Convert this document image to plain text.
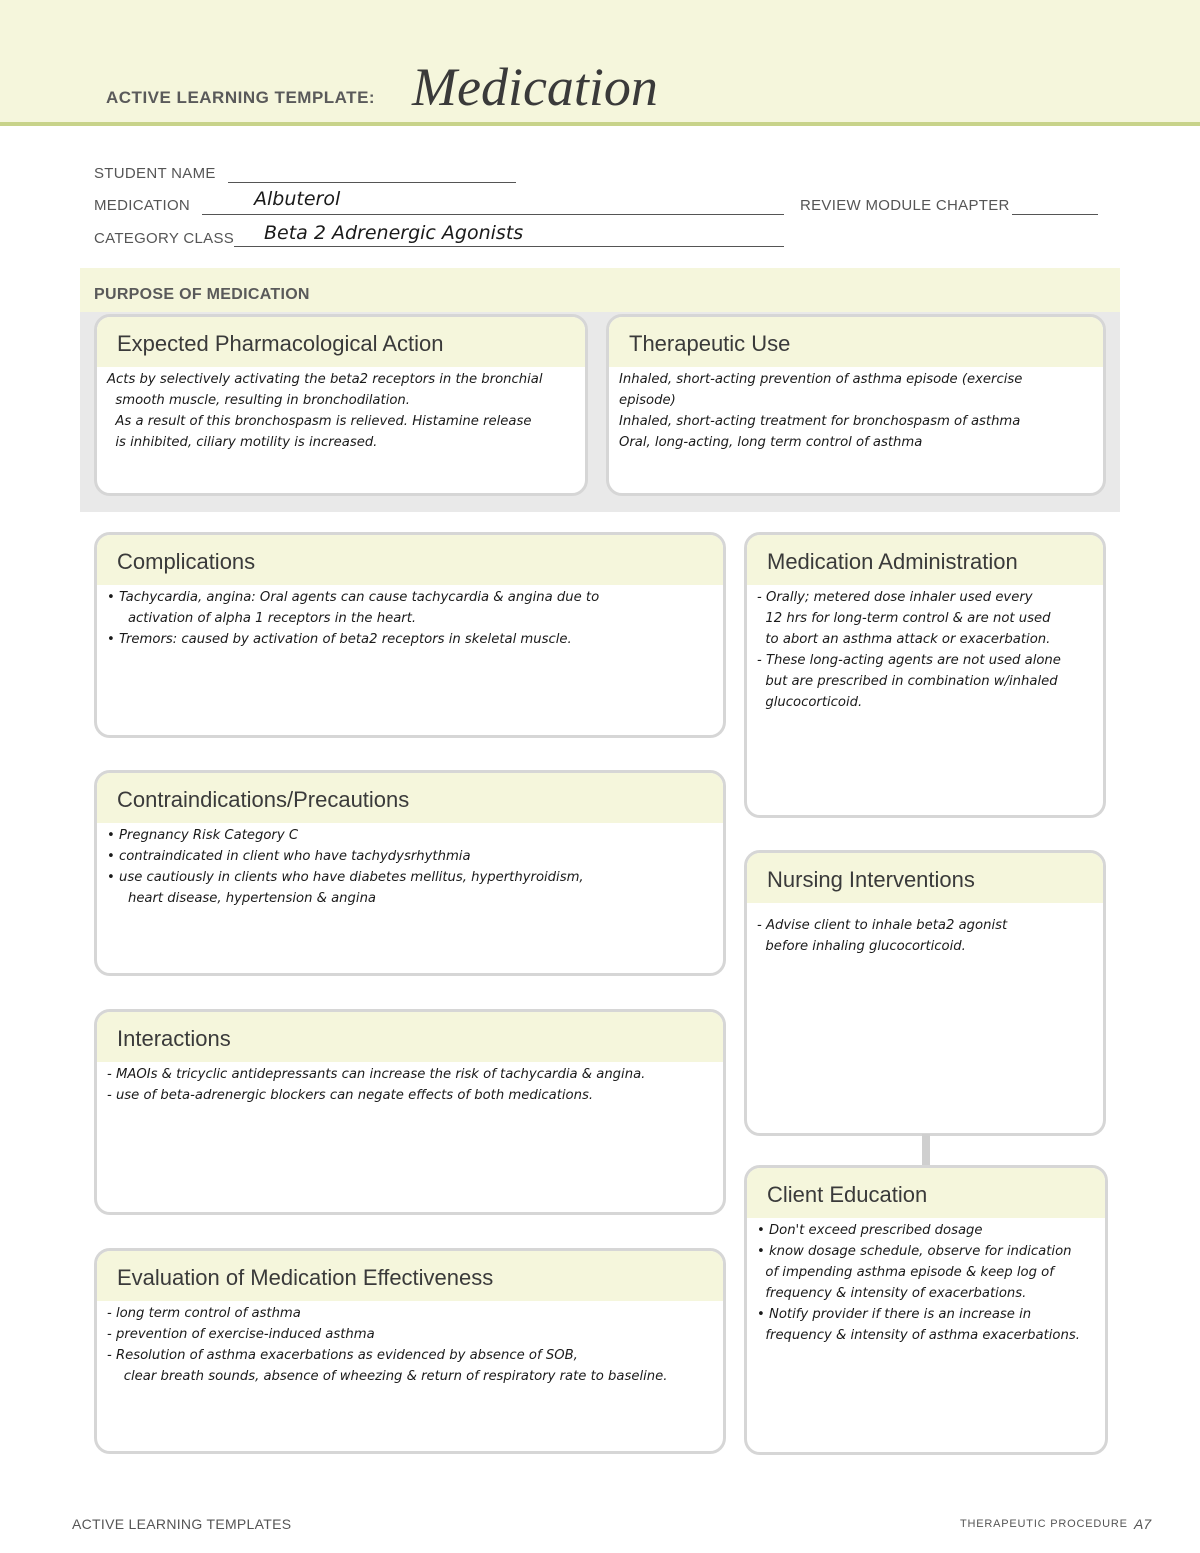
ACTIVE LEARNING TEMPLATE: Medication
STUDENT NAME
MEDICATION	Albuterol	REVIEW MODULE CHAPTER
CATEGORY CLASS Beta 2 Adrenergic Agonists
PURPOSE OF MEDICATION
Expected Pharmacological Action

Acts by selectively activating the beta2 receptors in the bronchial

smooth muscle, resulting in bronchodilation.

As a result of this bronchospasm is relieved. Histamine release

is inhibited, ciliary motility is increased.

Therapeutic Use

Inhaled, short-acting prevention of asthma episode (exercise

episode)

Inhaled, short-acting treatment for bronchospasm of asthma

Oral, long-acting, long term control of asthma

Complications

• Tachycardia, angina: Oral agents can cause tachycardia & angina due to

activation of alpha 1 receptors in the heart.

• Tremors: caused by activation of beta2 receptors in skeletal muscle.

Contraindications/Precautions

• Pregnancy Risk Category C

• contraindicated in client who have tachydysrhythmia

• use cautiously in clients who have diabetes mellitus, hyperthyroidism,

heart disease, hypertension & angina

Interactions

- MAOIs & tricyclic antidepressants can increase the risk of tachycardia & angina.

- use of beta-adrenergic blockers can negate effects of both medications.

Evaluation of Medication Effectiveness

- long term control of asthma

- prevention of exercise-induced asthma

- Resolution of asthma exacerbations as evidenced by absence of SOB,

clear breath sounds, absence of wheezing & return of respiratory rate to baseline.

Medication Administration

- Orally; metered dose inhaler used every

12 hrs for long-term control & are not used

to abort an asthma attack or exacerbation.

- These long-acting agents are not used alone

but are prescribed in combination w/inhaled

glucocorticoid.

Nursing Interventions

- Advise client to inhale beta2 agonist

before inhaling glucocorticoid.

Client Education

• Don't exceed prescribed dosage

• know dosage schedule, observe for indication

of impending asthma episode & keep log of

frequency & intensity of exacerbations.

• Notify provider if there is an increase in

frequency & intensity of asthma exacerbations.

ACTIVE LEARNING TEMPLATES	THERAPEUTIC PROCEDURE A7
